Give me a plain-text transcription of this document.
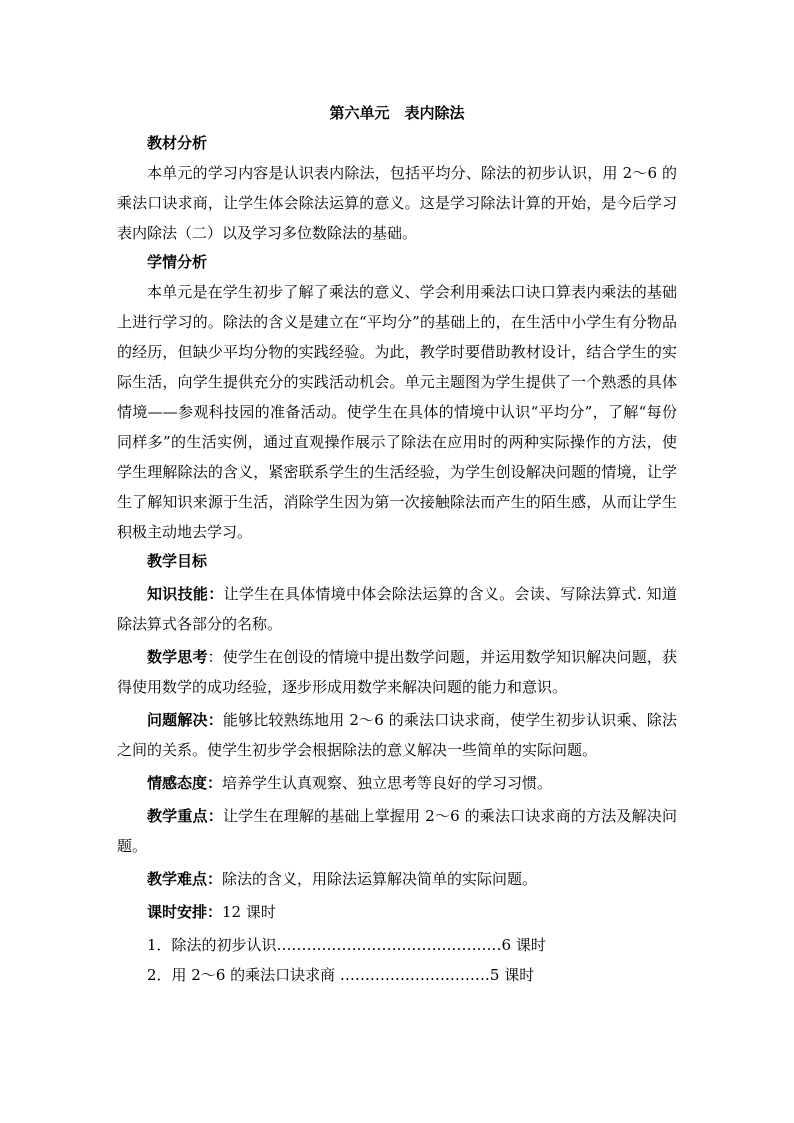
第六单元　表内除法
教材分析

本单元的学习内容是认识表内除法，包括平均分、除法的初步认识，用 2～6 的乘法口诀求商，让学生体会除法运算的意义。这是学习除法计算的开始，是今后学习表内除法（二）以及学习多位数除法的基础。

学情分析

本单元是在学生初步了解了乘法的意义、学会利用乘法口诀口算表内乘法的基础上进行学习的。除法的含义是建立在“平均分”的基础上的，在生活中小学生有分物品的经历，但缺少平均分物的实践经验。为此，教学时要借助教材设计，结合学生的实际生活，向学生提供充分的实践活动机会。单元主题图为学生提供了一个熟悉的具体情境——参观科技园的准备活动。使学生在具体的情境中认识“平均分”，了解“每份同样多”的生活实例，通过直观操作展示了除法在应用时的两种实际操作的方法，使学生理解除法的含义，紧密联系学生的生活经验，为学生创设解决问题的情境，让学生了解知识来源于生活，消除学生因为第一次接触除法而产生的陌生感，从而让学生积极主动地去学习。

教学目标

知识技能：让学生在具体情境中体会除法运算的含义。会读、写除法算式. 知道除法算式各部分的名称。

数学思考：使学生在创设的情境中提出数学问题，并运用数学知识解决问题，获得使用数学的成功经验，逐步形成用数学来解决问题的能力和意识。

问题解决：能够比较熟练地用 2～6 的乘法口诀求商，使学生初步认识乘、除法之间的关系。使学生初步学会根据除法的意义解决一些简单的实际问题。

情感态度：培养学生认真观察、独立思考等良好的学习习惯。

教学重点：让学生在理解的基础上掌握用 2～6 的乘法口诀求商的方法及解决问题。

教学难点：除法的含义，用除法运算解决简单的实际问题。

课时安排：12 课时

1．除法的初步认识………………………………………6 课时
2．用 2～6 的乘法口诀求商 …………………………5 课时
